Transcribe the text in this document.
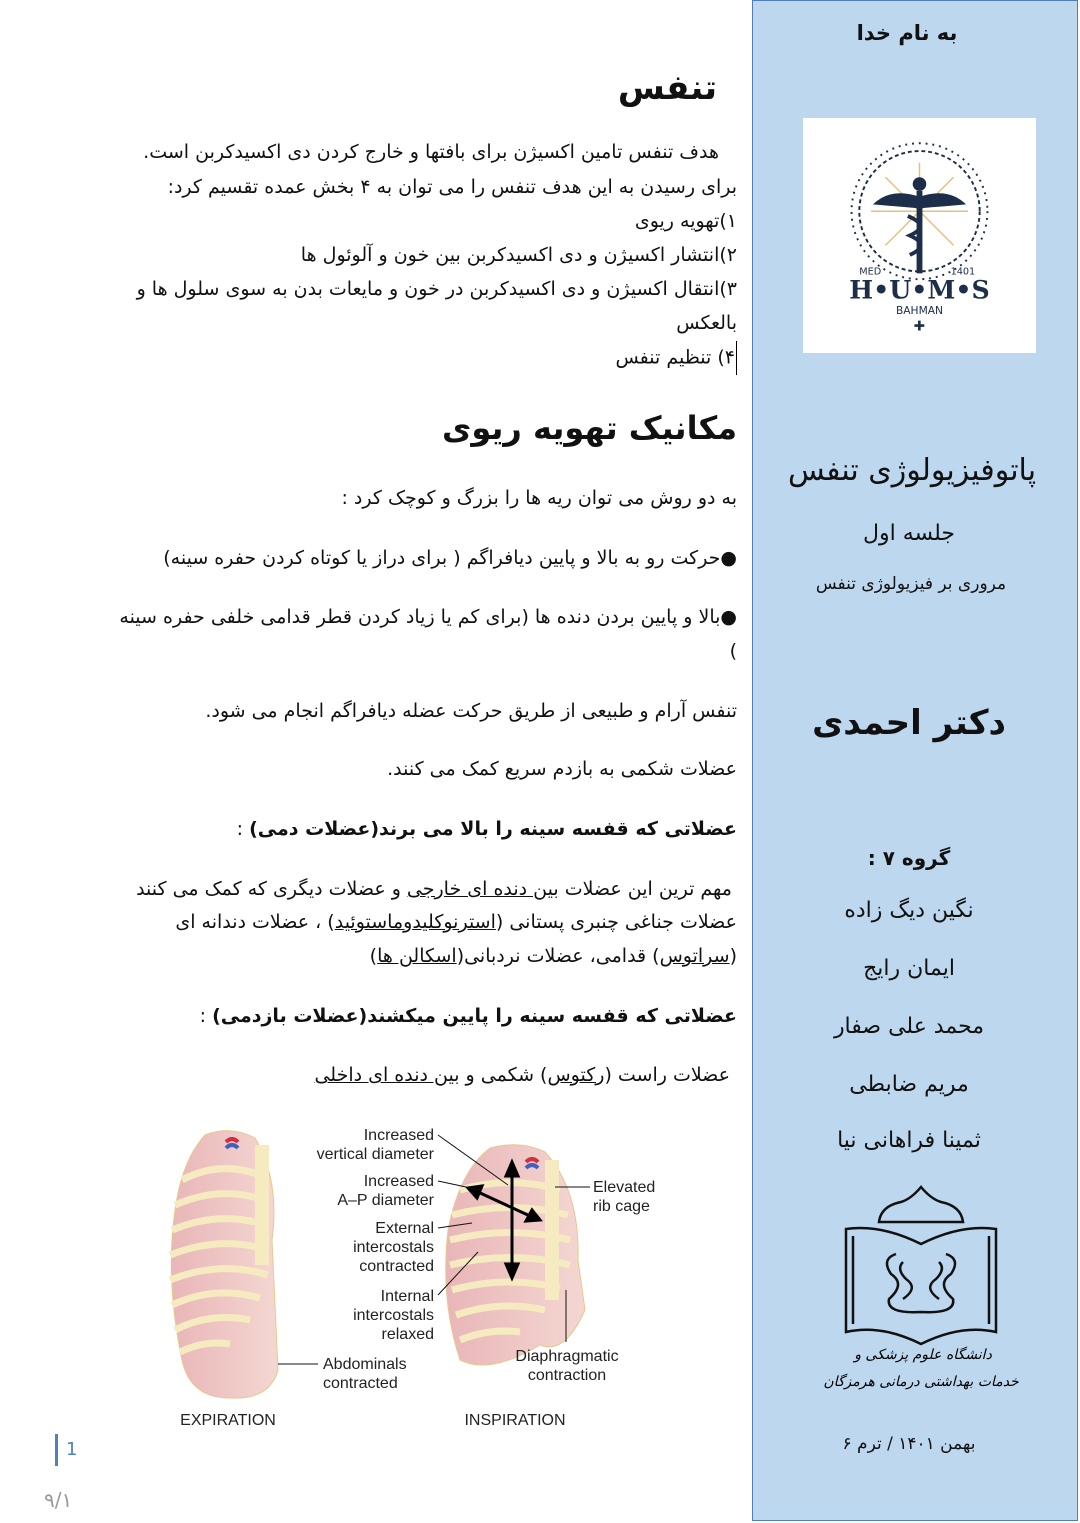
تنفس
هدف تنفس تامین اکسیژن برای بافتها و خارج کردن دی اکسیدکربن است.
برای رسیدن به این هدف تنفس را می توان به ۴ بخش عمده تقسیم کرد:
۱)تهویه ریوی
۲)انتشار اکسیژن و دی اکسیدکربن بین خون و آلوئول ها
۳)انتقال اکسیژن و دی اکسیدکربن در خون و مایعات بدن به سوی سلول ها و
بالعکس
۴) تنظیم تنفس
مکانیک تهویه ریوی
به دو روش می توان ریه ها را بزرگ و کوچک کرد :
●حرکت رو به بالا و پایین دیافراگم ( برای دراز یا کوتاه کردن حفره سینه)
●بالا و پایین بردن دنده ها (برای کم یا زیاد کردن قطر قدامی خلفی حفره سینه
)
تنفس آرام و طبیعی از طریق حرکت عضله دیافراگم انجام می شود.
عضلات شکمی به بازدم سریع کمک می کنند.
عضلاتی که قفسه سینه را بالا می برند(عضلات دمی) :
مهم ترین این عضلات بین دنده ای خارجی و عضلات دیگری که کمک می کنند
عضلات جناغی چنبری پستانی (استرنوکلیدوماستوئید) ، عضلات دندانه ای
(سراتوس) قدامی، عضلات نردبانی(اسکالن ها)
عضلاتی که قفسه سینه را پایین میکشند(عضلات بازدمی) :
عضلات راست (رکتوس) شکمی و بین دنده ای داخلی
Increased
vertical diameter
Increased
A–P diameter
External
intercostals
contracted
Internal
intercostals
relaxed
Abdominals
contracted
Elevated
rib cage
Diaphragmatic
contraction
EXPIRATION	INSPIRATION
1
۹/۱
به نام خدا
MED	1401
H•U•M•S
BAHMAN
✚
پاتوفیزیولوژی تنفس
جلسه اول
مروری بر فیزیولوژی تنفس
دکتر احمدی
گروه ۷ :
نگین دیگ زاده
ایمان رایج
محمد علی صفار
مریم ضابطی
ثمینا فراهانی نیا
دانشگاه علوم پزشکی و
خدمات بهداشتی درمانی هرمزگان
بهمن ۱۴۰۱ / ترم ۶
